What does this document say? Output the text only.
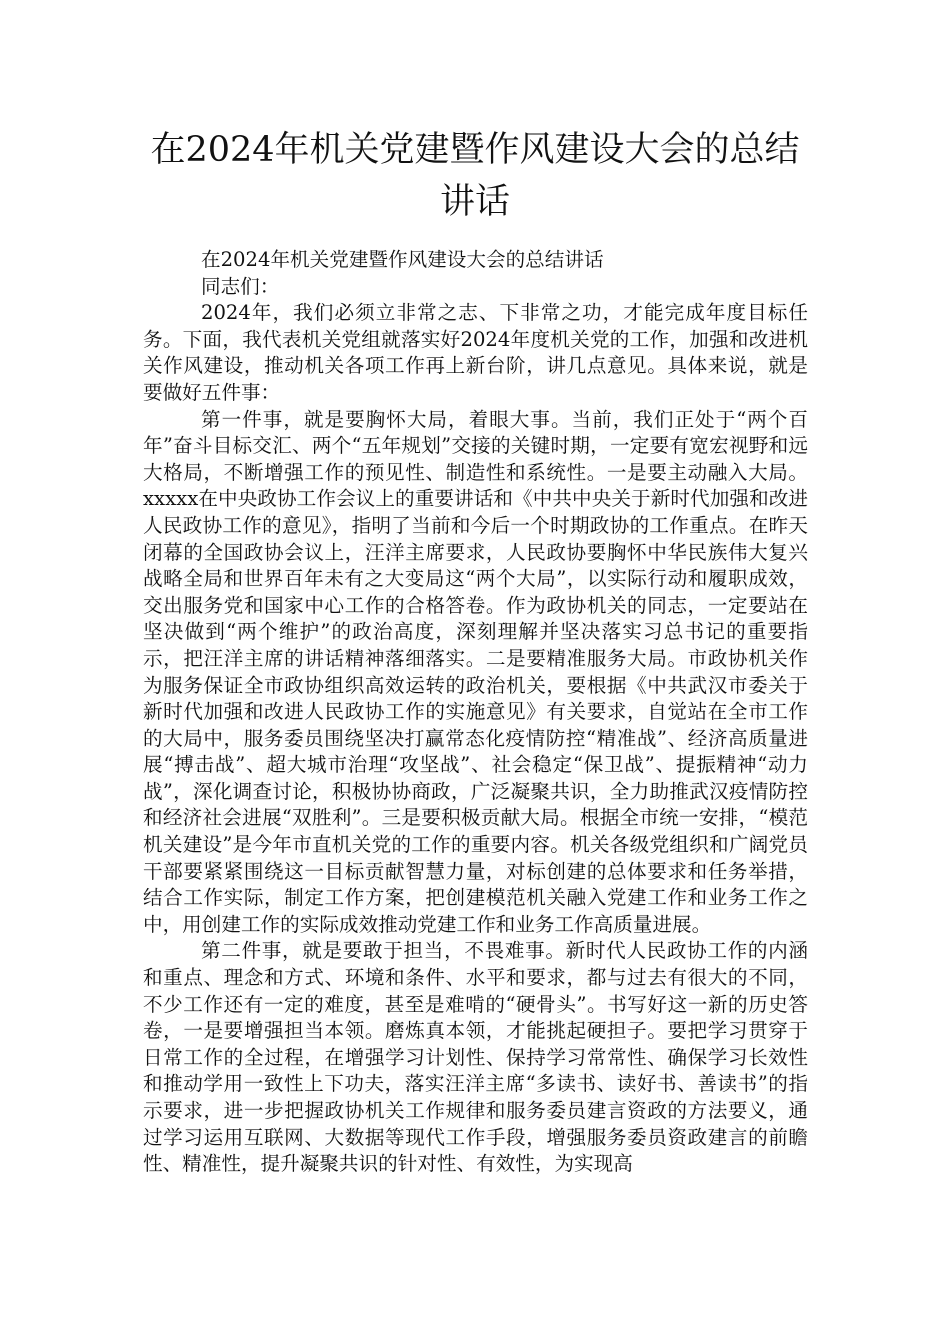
在2024年机关党建暨作风建设大会的总结讲话

在2024年机关党建暨作风建设大会的总结讲话

同志们：

2024年，我们必须立非常之志、下非常之功，才能完成年度目标任务。下面，我代表机关党组就落实好2024年度机关党的工作，加强和改进机关作风建设，推动机关各项工作再上新台阶，讲几点意见。具体来说，就是要做好五件事：

第一件事，就是要胸怀大局，着眼大事。当前，我们正处于“两个百年”奋斗目标交汇、两个“五年规划”交接的关键时期，一定要有宽宏视野和远大格局，不断增强工作的预见性、制造性和系统性。一是要主动融入大局。xxxxx在中央政协工作会议上的重要讲话和《中共中央关于新时代加强和改进人民政协工作的意见》，指明了当前和今后一个时期政协的工作重点。在昨天闭幕的全国政协会议上，汪洋主席要求，人民政协要胸怀中华民族伟大复兴战略全局和世界百年未有之大变局这“两个大局”，以实际行动和履职成效，交出服务党和国家中心工作的合格答卷。作为政协机关的同志，一定要站在坚决做到“两个维护”的政治高度，深刻理解并坚决落实习总书记的重要指示，把汪洋主席的讲话精神落细落实。二是要精准服务大局。市政协机关作为服务保证全市政协组织高效运转的政治机关，要根据《中共武汉市委关于新时代加强和改进人民政协工作的实施意见》有关要求，自觉站在全市工作的大局中，服务委员围绕坚决打赢常态化疫情防控“精准战”、经济高质量进展“搏击战”、超大城市治理“攻坚战”、社会稳定“保卫战”、提振精神“动力战”，深化调查讨论，积极协协商政，广泛凝聚共识，全力助推武汉疫情防控和经济社会进展“双胜利”。三是要积极贡献大局。根据全市统一安排，“模范机关建设”是今年市直机关党的工作的重要内容。机关各级党组织和广阔党员干部要紧紧围绕这一目标贡献智慧力量，对标创建的总体要求和任务举措，结合工作实际，制定工作方案，把创建模范机关融入党建工作和业务工作之中，用创建工作的实际成效推动党建工作和业务工作高质量进展。

第二件事，就是要敢于担当，不畏难事。新时代人民政协工作的内涵和重点、理念和方式、环境和条件、水平和要求，都与过去有很大的不同，不少工作还有一定的难度，甚至是难啃的“硬骨头”。书写好这一新的历史答卷，一是要增强担当本领。磨炼真本领，才能挑起硬担子。要把学习贯穿于日常工作的全过程，在增强学习计划性、保持学习常常性、确保学习长效性和推动学用一致性上下功夫，落实汪洋主席“多读书、读好书、善读书”的指示要求，进一步把握政协机关工作规律和服务委员建言资政的方法要义，通过学习运用互联网、大数据等现代工作手段，增强服务委员资政建言的前瞻性、精准性，提升凝聚共识的针对性、有效性，为实现高
